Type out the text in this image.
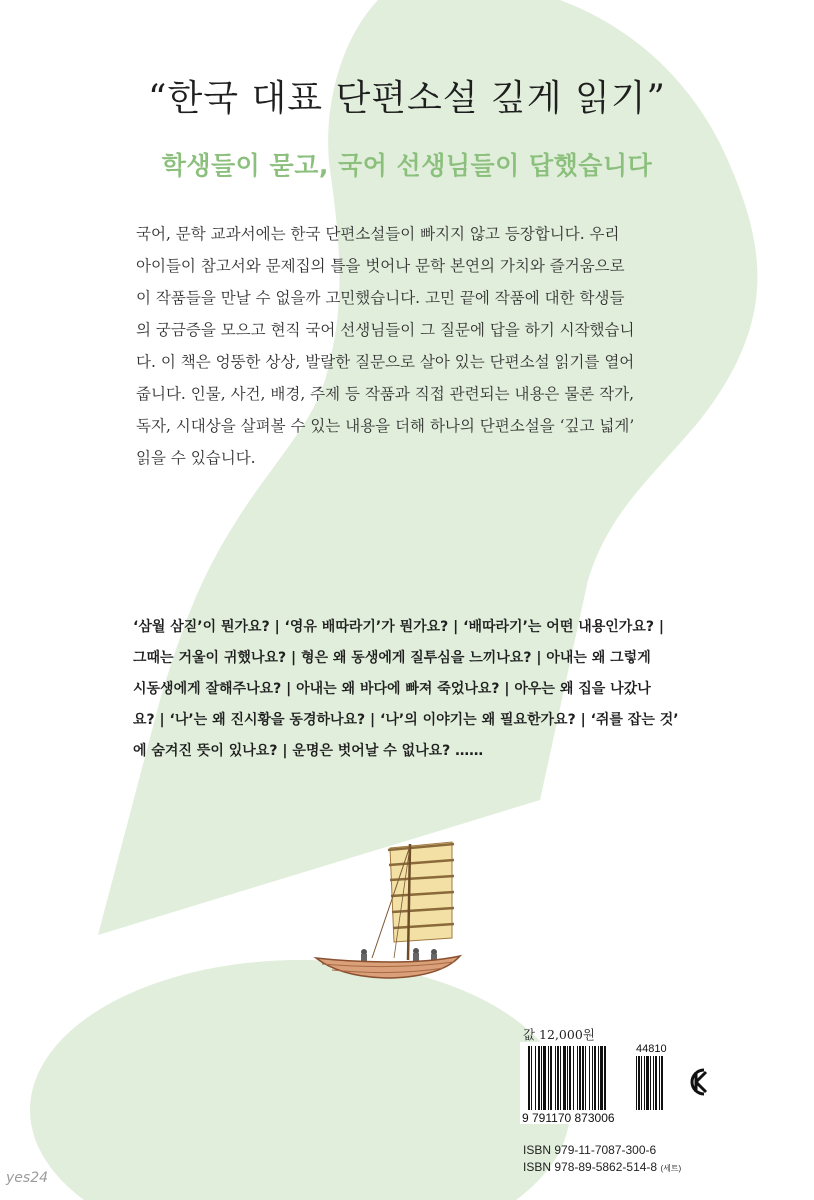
“한국 대표 단편소설 깊게 읽기”
학생들이 묻고, 국어 선생님들이 답했습니다
국어, 문학 교과서에는 한국 단편소설들이 빠지지 않고 등장합니다. 우리
아이들이 참고서와 문제집의 틀을 벗어나 문학 본연의 가치와 즐거움으로
이 작품들을 만날 수 없을까 고민했습니다. 고민 끝에 작품에 대한 학생들
의 궁금증을 모으고 현직 국어 선생님들이 그 질문에 답을 하기 시작했습니
다. 이 책은 엉뚱한 상상, 발랄한 질문으로 살아 있는 단편소설 읽기를 열어
줍니다. 인물, 사건, 배경, 주제 등 작품과 직접 관련되는 내용은 물론 작가,
독자, 시대상을 살펴볼 수 있는 내용을 더해 하나의 단편소설을 ‘깊고 넓게’
읽을 수 있습니다.
‘삼월 삼짇’이 뭔가요? | ‘영유 배따라기’가 뭔가요? | ‘배따라기’는 어떤 내용인가요? |
그때는 거울이 귀했나요? | 형은 왜 동생에게 질투심을 느끼나요? | 아내는 왜 그렇게
시동생에게 잘해주나요? | 아내는 왜 바다에 빠져 죽었나요? | 아우는 왜 집을 나갔나
요? | ‘나’는 왜 진시황을 동경하나요? | ‘나’의 이야기는 왜 필요한가요? | ‘쥐를 잡는 것’
에 숨겨진 뜻이 있나요? | 운명은 벗어날 수 없나요? ……
값 12,000원
9 791170 873006
44810
ISBN 979-11-7087-300-6
ISBN 978-89-5862-514-8 (세트)
yes24
